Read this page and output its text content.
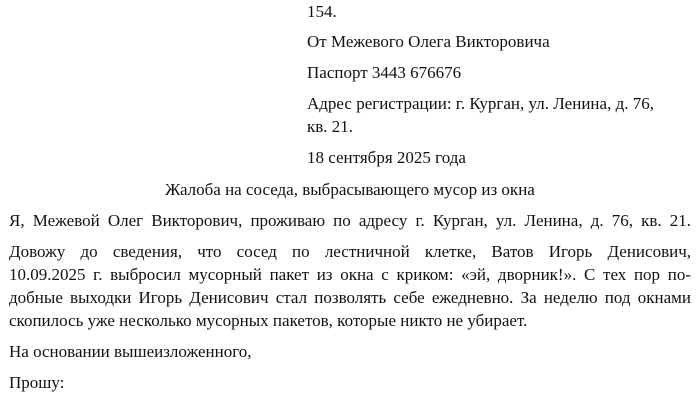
154.
От Межевого Олега Викторовича
Паспорт 3443 676676
Адрес регистрации: г. Курган, ул. Ленина, д. 76,
кв. 21.
18 сентября 2025 года
Жалоба на соседа, выбрасывающего мусор из окна
Я, Межевой Олег Викторович, проживаю по адресу г. Курган, ул. Ленина, д. 76, кв. 21.
Довожу до сведения, что сосед по лестничной клетке, Ватов Игорь Денисович,
10.09.2025 г. выбросил мусорный пакет из окна с криком: «эй, дворник!». С тех пор по-
добные выходки Игорь Денисович стал позволять себе ежедневно. За неделю под окнами
скопилось уже несколько мусорных пакетов, которые никто не убирает.
На основании вышеизложенного,
Прошу:
